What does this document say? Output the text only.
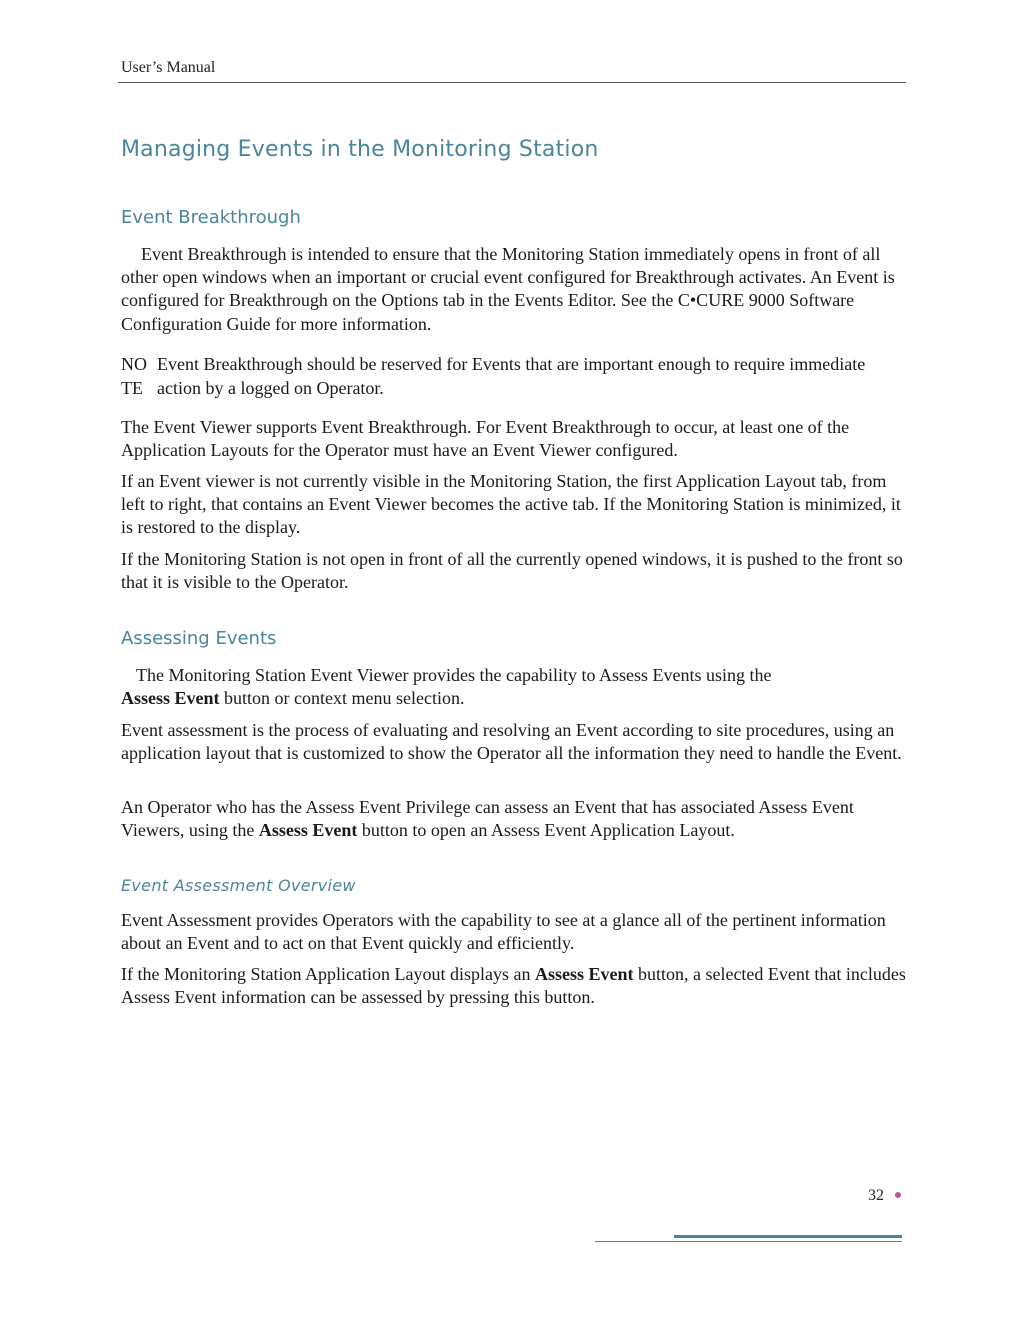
User’s Manual
Managing Events in the Monitoring Station
Event Breakthrough

Event Breakthrough is intended to ensure that the Monitoring Station immediately opens in front of all other open windows when an important or crucial event configured for Breakthrough activates. An Event is configured for Breakthrough on the Options tab in the Events Editor. See the C•CURE 9000 Software Configuration Guide for more information.

NO
TE
Event Breakthrough should be reserved for Events that are important enough to require immediate action by a logged on Operator.

The Event Viewer supports Event Breakthrough. For Event Breakthrough to occur, at least one of the Application Layouts for the Operator must have an Event Viewer configured.

If an Event viewer is not currently visible in the Monitoring Station, the first Application Layout tab, from left to right, that contains an Event Viewer becomes the active tab. If the Monitoring Station is minimized, it is restored to the display.

If the Monitoring Station is not open in front of all the currently opened windows, it is pushed to the front so that it is visible to the Operator.

Assessing Events

The Monitoring Station Event Viewer provides the capability to Assess Events using the
Assess Event button or context menu selection.

Event assessment is the process of evaluating and resolving an Event according to site procedures, using an application layout that is customized to show the Operator all the information they need to handle the Event.

An Operator who has the Assess Event Privilege can assess an Event that has associated Assess Event Viewers, using the Assess Event button to open an Assess Event Application Layout.

Event Assessment Overview

Event Assessment provides Operators with the capability to see at a glance all of the pertinent information about an Event and to act on that Event quickly and efficiently.

If the Monitoring Station Application Layout displays an Assess Event button, a selected Event that includes Assess Event information can be assessed by pressing this button.

32
